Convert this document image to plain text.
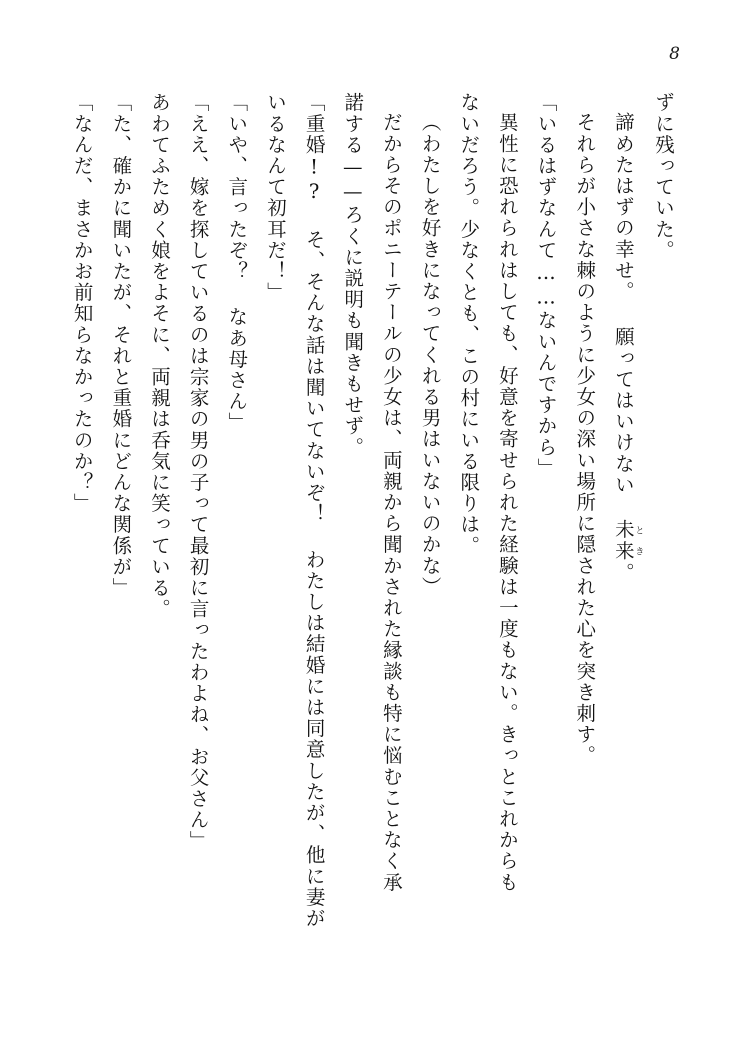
8

ずに残っていた。

諦めたはずの幸せ。 願ってはいけない 未来とき。

それらが小さな棘のように少女の深い場所に隠された心を突き刺す。

「いるはずなんて……ないんですから」

異性に恐れられはしても、好意を寄せられた経験は一度もない。きっとこれからも

ないだろう。少なくとも、この村にいる限りは。

（わたしを好きになってくれる男はいないのかな）

だからそのポニーテールの少女は、両親から聞かされた縁談も特に悩むことなく承

諾する——ろくに説明も聞きもせず。

「重婚!? そ、そんな話は聞いてないぞ！ わたしは結婚には同意したが、他に妻が

いるなんて初耳だ！」

「いや、言ったぞ？ なあ母さん」

「ええ、嫁を探しているのは宗家の男の子って最初に言ったわよね、お父さん」

あわてふためく娘をよそに、両親は呑気に笑っている。

「た、確かに聞いたが、それと重婚にどんな関係が」

「なんだ、まさかお前知らなかったのか？」
